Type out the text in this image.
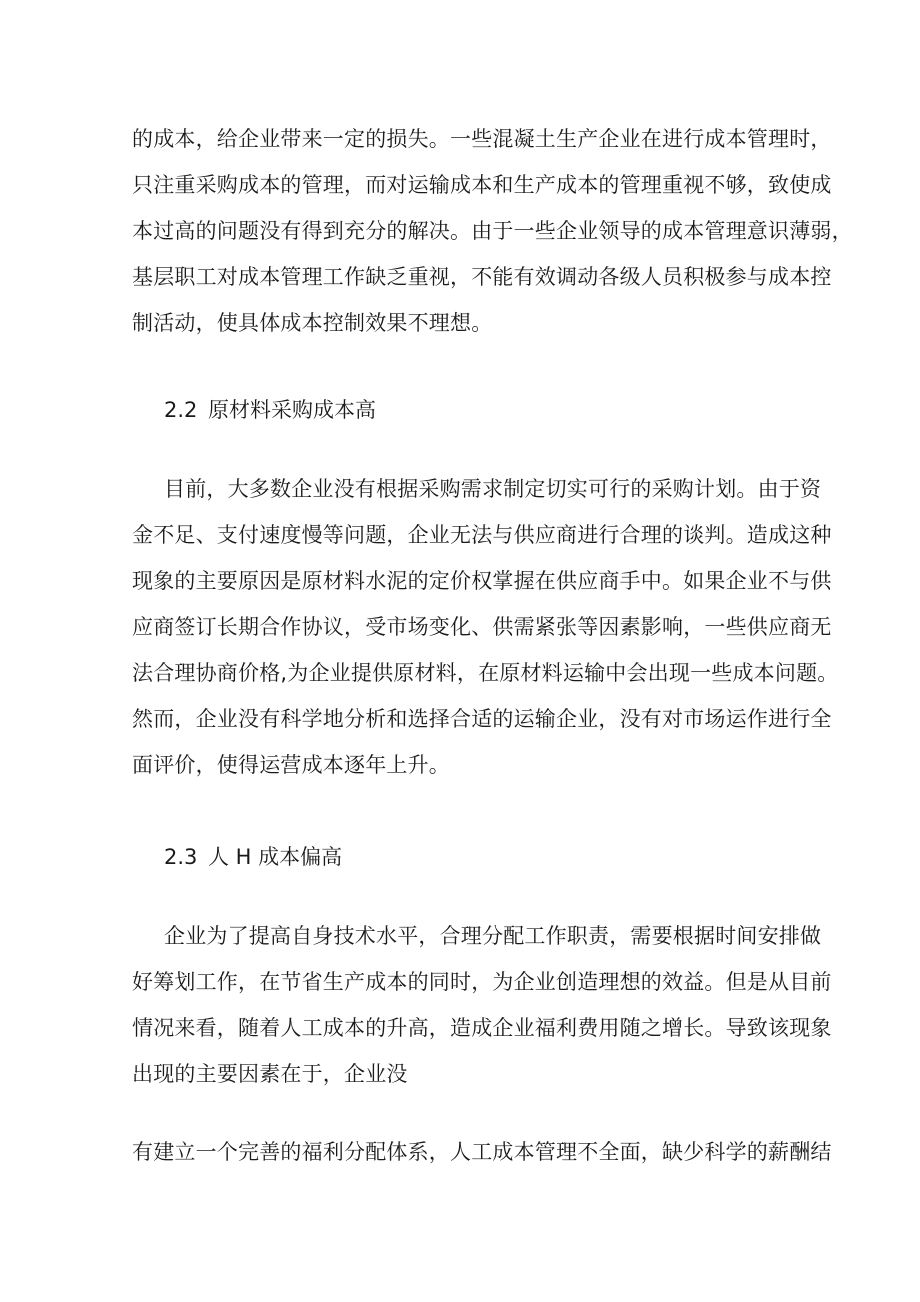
的成本，给企业带来一定的损失。一些混凝土生产企业在进行成本管理时，
只注重采购成本的管理，而对运输成本和生产成本的管理重视不够，致使成
本过高的问题没有得到充分的解决。由于一些企业领导的成本管理意识薄弱，
基层职工对成本管理工作缺乏重视，不能有效调动各级人员积极参与成本控
制活动，使具体成本控制效果不理想。
2.2 原材料采购成本高
目前，大多数企业没有根据采购需求制定切实可行的采购计划。由于资
金不足、支付速度慢等问题，企业无法与供应商进行合理的谈判。造成这种
现象的主要原因是原材料水泥的定价权掌握在供应商手中。如果企业不与供
应商签订长期合作协议，受市场变化、供需紧张等因素影响，一些供应商无
法合理协商价格,为企业提供原材料，在原材料运输中会出现一些成本问题。
然而，企业没有科学地分析和选择合适的运输企业，没有对市场运作进行全
面评价，使得运营成本逐年上升。
2.3 人 H 成本偏高
企业为了提高自身技术水平，合理分配工作职责，需要根据时间安排做
好筹划工作，在节省生产成本的同时，为企业创造理想的效益。但是从目前
情况来看，随着人工成本的升高，造成企业福利费用随之增长。导致该现象
出现的主要因素在于，企业没
有建立一个完善的福利分配体系，人工成本管理不全面，缺少科学的薪酬结
